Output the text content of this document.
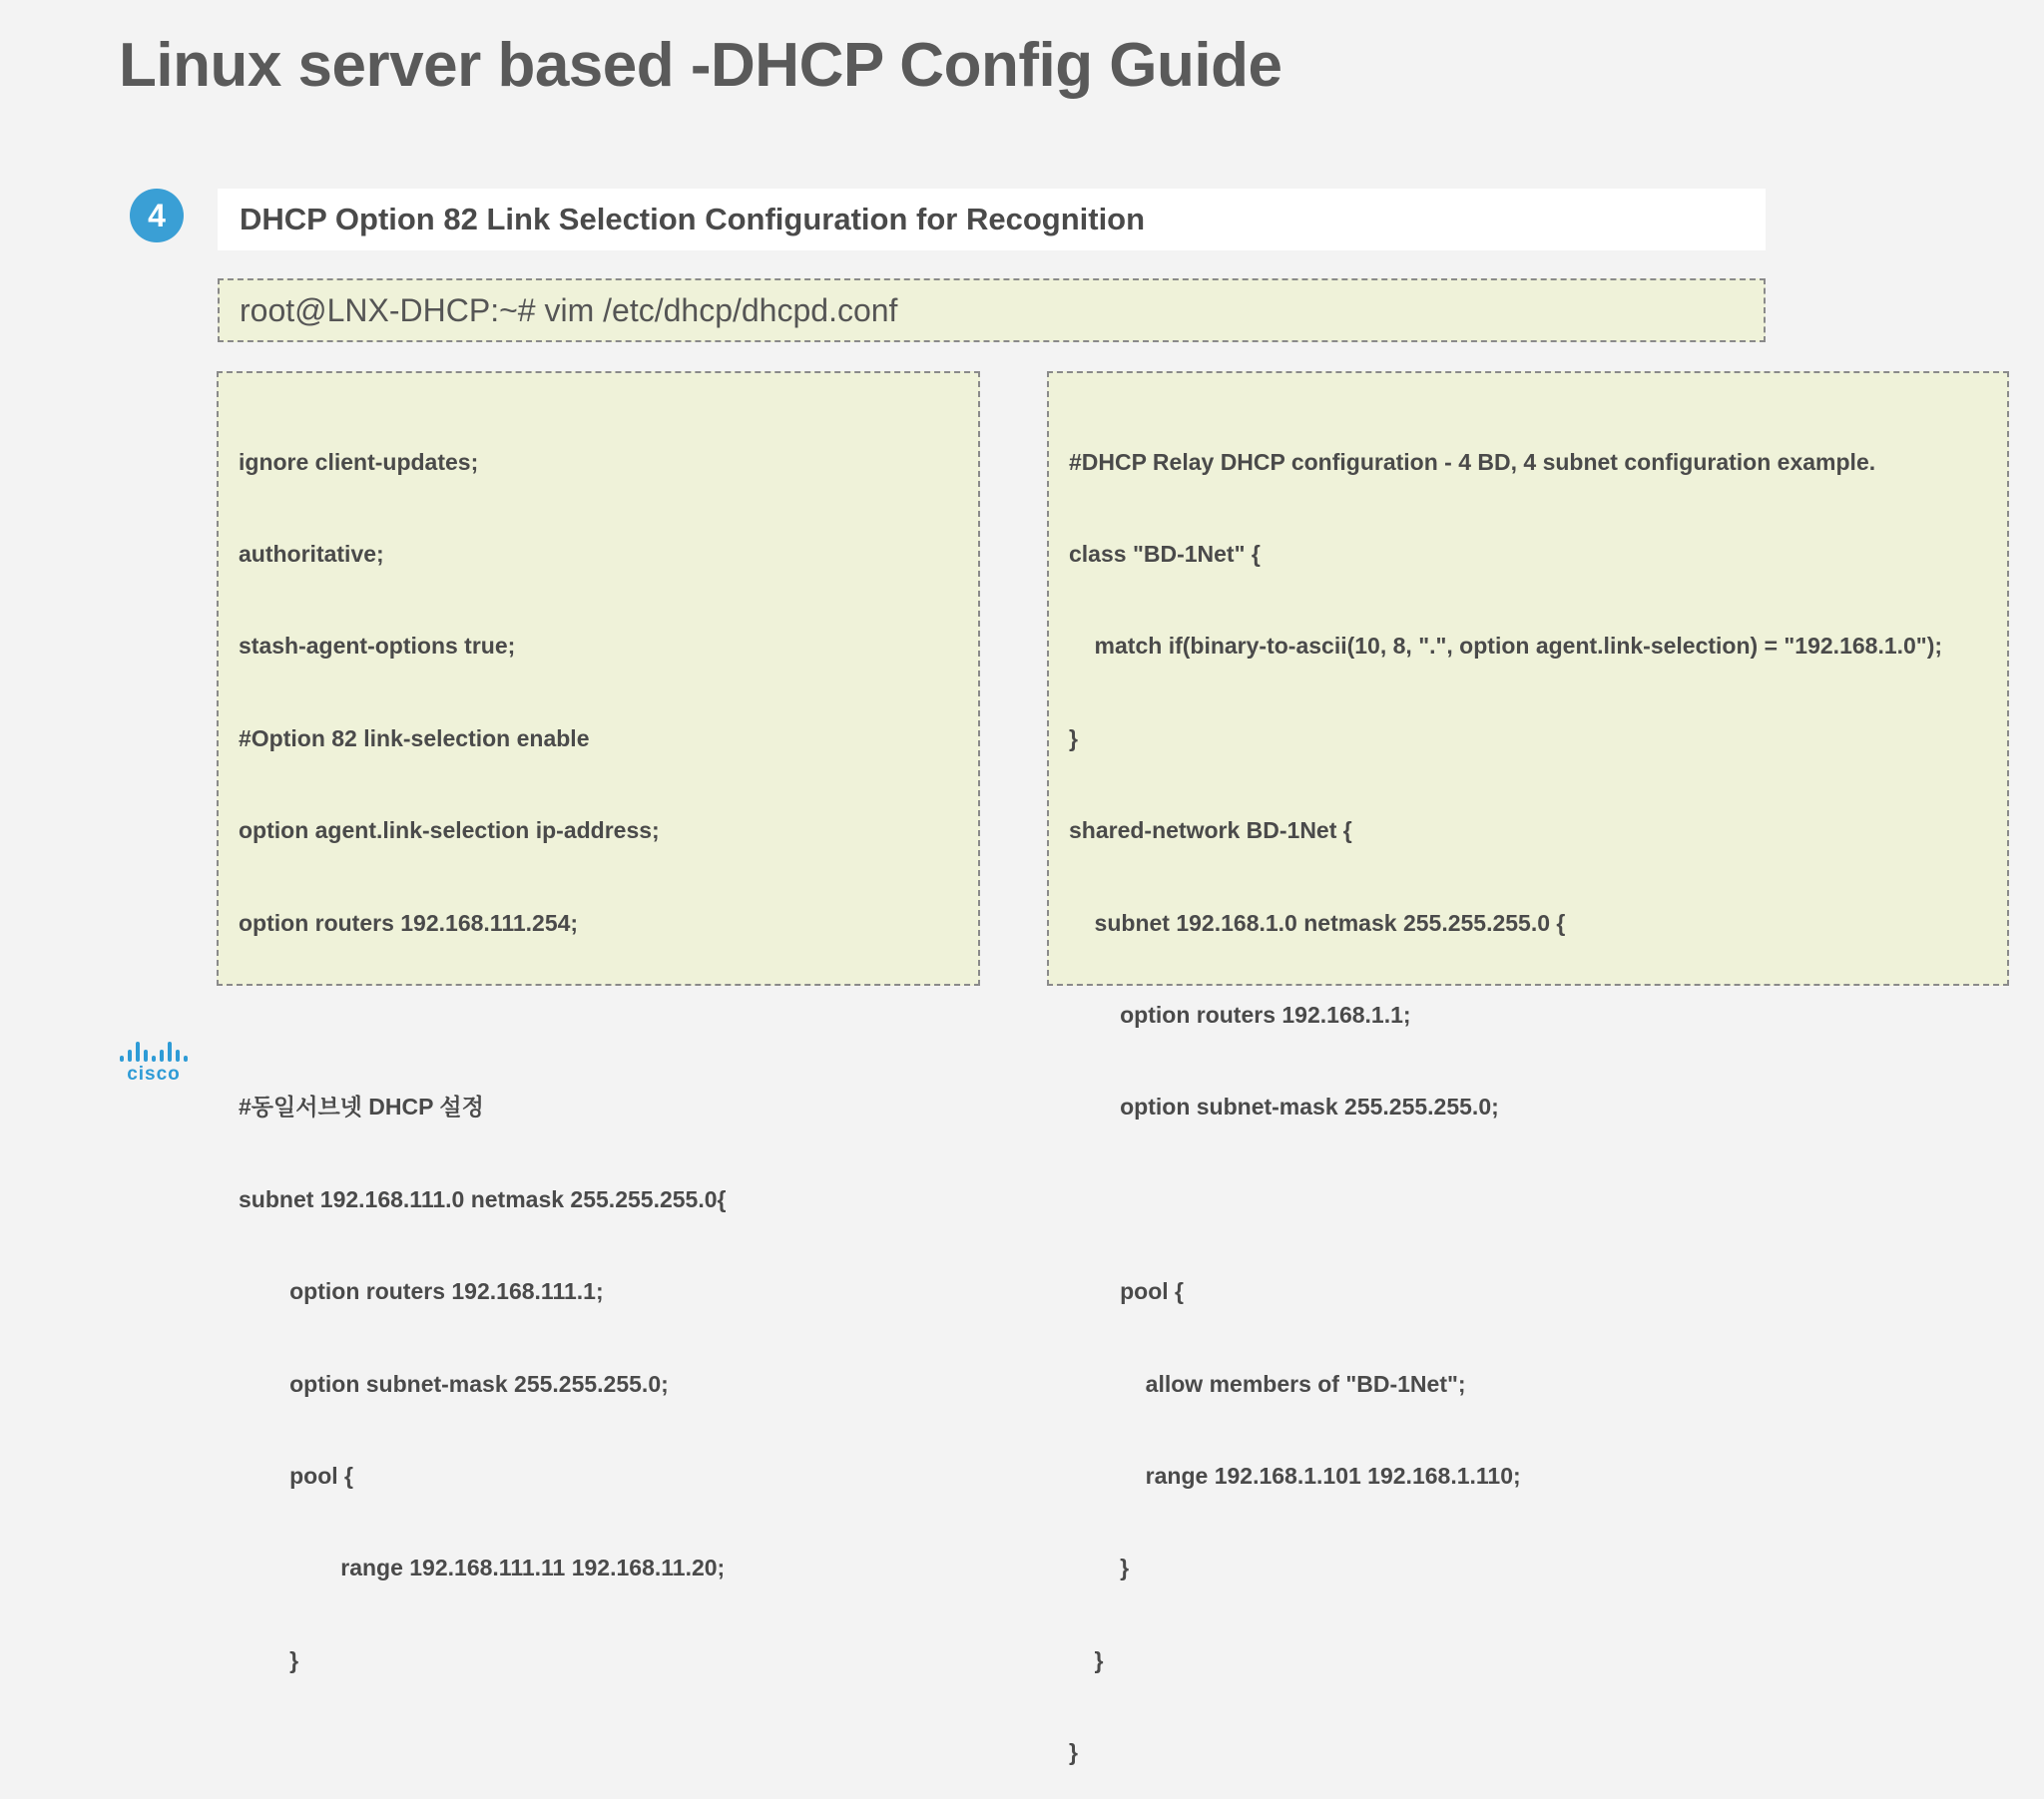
Linux server based -DHCP Config Guide
4	DHCP Option 82 Link Selection Configuration for Recognition
root@LNX-DHCP:~# vim /etc/dhcp/dhcpd.conf

ignore client-updates;

authoritative;

stash-agent-options true;

#Option 82 link-selection enable

option agent.link-selection ip-address;

option routers 192.168.111.254;

#동일서브넷 DHCP 설정

subnet 192.168.111.0 netmask 255.255.255.0{

option routers 192.168.111.1;

option subnet-mask 255.255.255.0;

pool {

range 192.168.111.11 192.168.11.20;

}

#DHCP Relay DHCP configuration - 4 BD, 4 subnet configuration example.

class "BD-1Net" {

match if(binary-to-ascii(10, 8, ".", option agent.link-selection) = "192.168.1.0");

}

shared-network BD-1Net {

subnet 192.168.1.0 netmask 255.255.255.0 {

option routers 192.168.1.1;

option subnet-mask 255.255.255.0;

pool {

allow members of "BD-1Net";

range 192.168.1.101 192.168.1.110;

}

}

}

cisco
